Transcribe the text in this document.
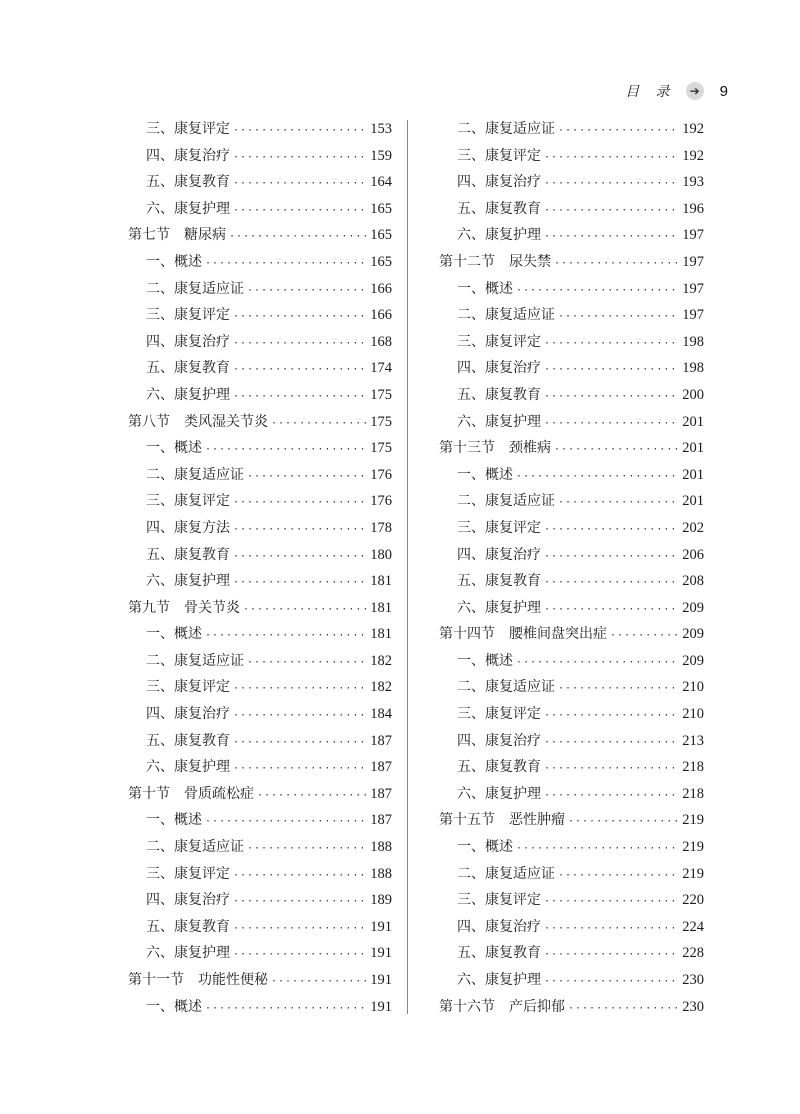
目 录	➔ 9
三、康复评定 ·····	153
四、康复治疗 ·····	159
五、康复教育 ·····	164
六、康复护理 ·····	165
第七节 糖尿病 ·····	165
一、概述 ·····	165
二、康复适应证 ·····	166
三、康复评定 ·····	166
四、康复治疗 ·····	168
五、康复教育 ·····	174
六、康复护理 ·····	175
第八节 类风湿关节炎 ·····	175
一、概述 ·····	175
二、康复适应证 ·····	176
三、康复评定 ·····	176
四、康复方法 ·····	178
五、康复教育 ·····	180
六、康复护理 ·····	181
第九节 骨关节炎 ·····	181
一、概述 ·····	181
二、康复适应证 ·····	182
三、康复评定 ·····	182
四、康复治疗 ·····	184
五、康复教育 ·····	187
六、康复护理 ·····	187
第十节 骨质疏松症 ·····	187
一、概述 ·····	187
二、康复适应证 ·····	188
三、康复评定 ·····	188
四、康复治疗 ·····	189
五、康复教育 ·····	191
六、康复护理 ·····	191
第十一节 功能性便秘 ·····	191
一、概述 ·····	191
二、康复适应证 ·····	192
三、康复评定 ·····	192
四、康复治疗 ·····	193
五、康复教育 ·····	196
六、康复护理 ·····	197
第十二节 尿失禁 ·····	197
一、概述 ·····	197
二、康复适应证 ·····	197
三、康复评定 ·····	198
四、康复治疗 ·····	198
五、康复教育 ·····	200
六、康复护理 ·····	201
第十三节 颈椎病 ·····	201
一、概述 ·····	201
二、康复适应证 ·····	201
三、康复评定 ·····	202
四、康复治疗 ·····	206
五、康复教育 ·····	208
六、康复护理 ·····	209
第十四节 腰椎间盘突出症 ·····	209
一、概述 ·····	209
二、康复适应证 ·····	210
三、康复评定 ·····	210
四、康复治疗 ·····	213
五、康复教育 ·····	218
六、康复护理 ·····	218
第十五节 恶性肿瘤 ·····	219
一、概述 ·····	219
二、康复适应证 ·····	219
三、康复评定 ·····	220
四、康复治疗 ·····	224
五、康复教育 ·····	228
六、康复护理 ·····	230
第十六节 产后抑郁 ·····	230
